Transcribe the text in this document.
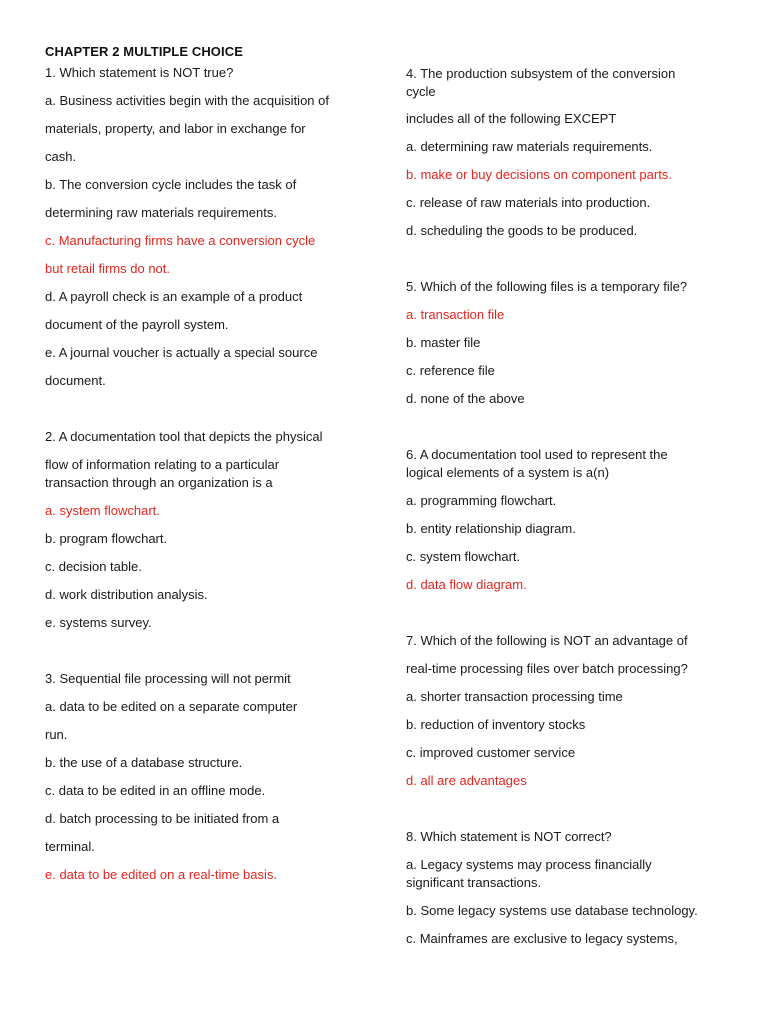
CHAPTER 2 MULTIPLE CHOICE
1. Which statement is NOT true?
a. Business activities begin with the acquisition of
materials, property, and labor in exchange for
cash.
b. The conversion cycle includes the task of
determining raw materials requirements.
c. Manufacturing firms have a conversion cycle
but retail firms do not.
d. A payroll check is an example of a product
document of the payroll system.
e. A journal voucher is actually a special source
document.
2. A documentation tool that depicts the physical
flow of information relating to a particular
transaction through an organization is a
a. system flowchart.
b. program flowchart.
c. decision table.
d. work distribution analysis.
e. systems survey.
3. Sequential file processing will not permit
a. data to be edited on a separate computer
run.
b. the use of a database structure.
c. data to be edited in an offline mode.
d. batch processing to be initiated from a
terminal.
e. data to be edited on a real-time basis.
4. The production subsystem of the conversion
cycle
includes all of the following EXCEPT
a. determining raw materials requirements.
b. make or buy decisions on component parts.
c. release of raw materials into production.
d. scheduling the goods to be produced.
5. Which of the following files is a temporary file?
a. transaction file
b. master file
c. reference file
d. none of the above
6. A documentation tool used to represent the
logical elements of a system is a(n)
a. programming flowchart.
b. entity relationship diagram.
c. system flowchart.
d. data flow diagram.
7. Which of the following is NOT an advantage of
real-time processing files over batch processing?
a. shorter transaction processing time
b. reduction of inventory stocks
c. improved customer service
d. all are advantages
8. Which statement is NOT correct?
a. Legacy systems may process financially
significant transactions.
b. Some legacy systems use database technology.
c. Mainframes are exclusive to legacy systems,
